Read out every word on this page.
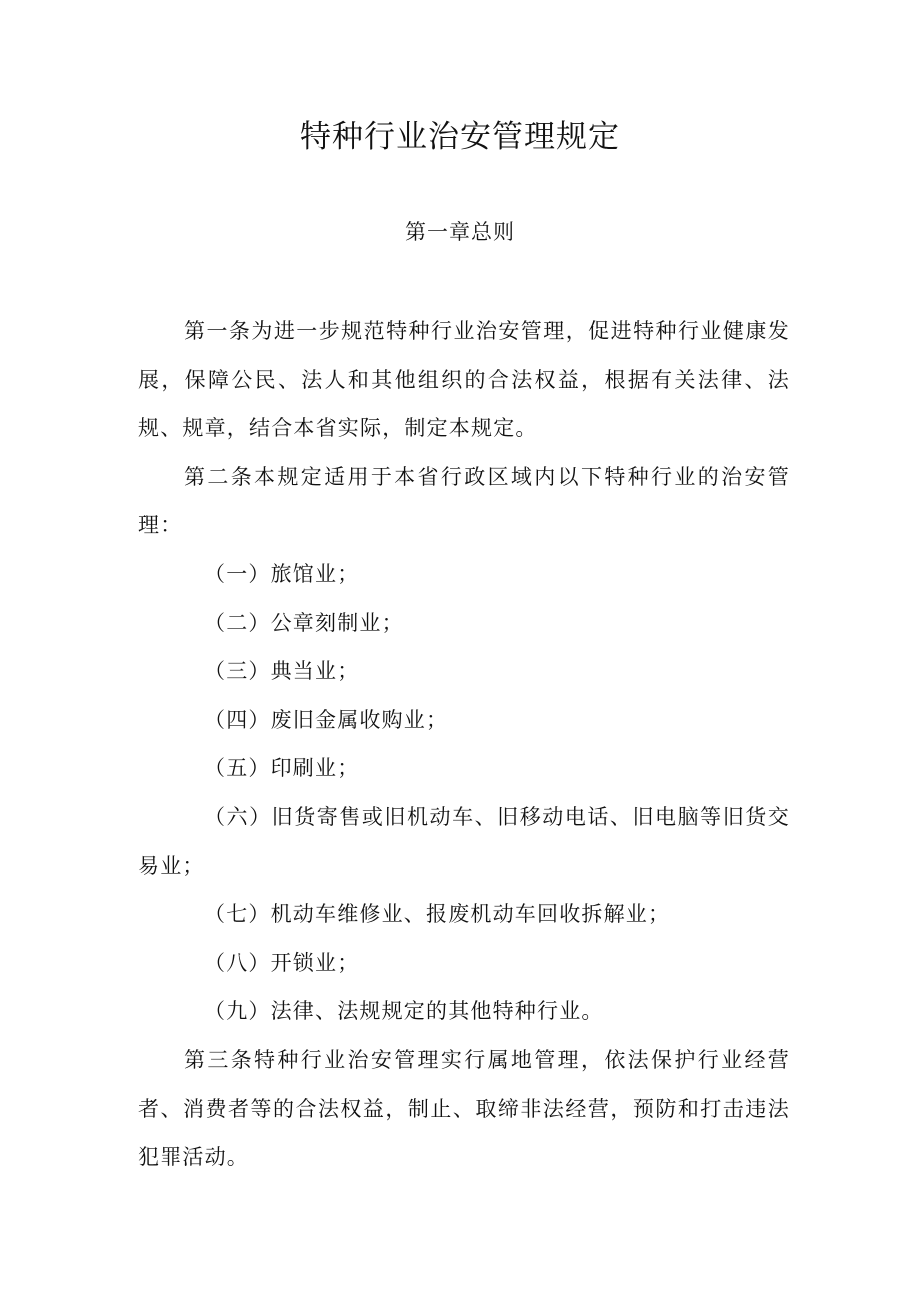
特种行业治安管理规定
第一章总则

第一条为进一步规范特种行业治安管理，促进特种行业健康发展，保障公民、法人和其他组织的合法权益，根据有关法律、法规、规章，结合本省实际，制定本规定。

第二条本规定适用于本省行政区域内以下特种行业的治安管理：

（一）旅馆业；

（二）公章刻制业；

（三）典当业；

（四）废旧金属收购业；

（五）印刷业；

（六）旧货寄售或旧机动车、旧移动电话、旧电脑等旧货交易业；

（七）机动车维修业、报废机动车回收拆解业；

（八）开锁业；

（九）法律、法规规定的其他特种行业。

第三条特种行业治安管理实行属地管理，依法保护行业经营者、消费者等的合法权益，制止、取缔非法经营，预防和打击违法犯罪活动。
